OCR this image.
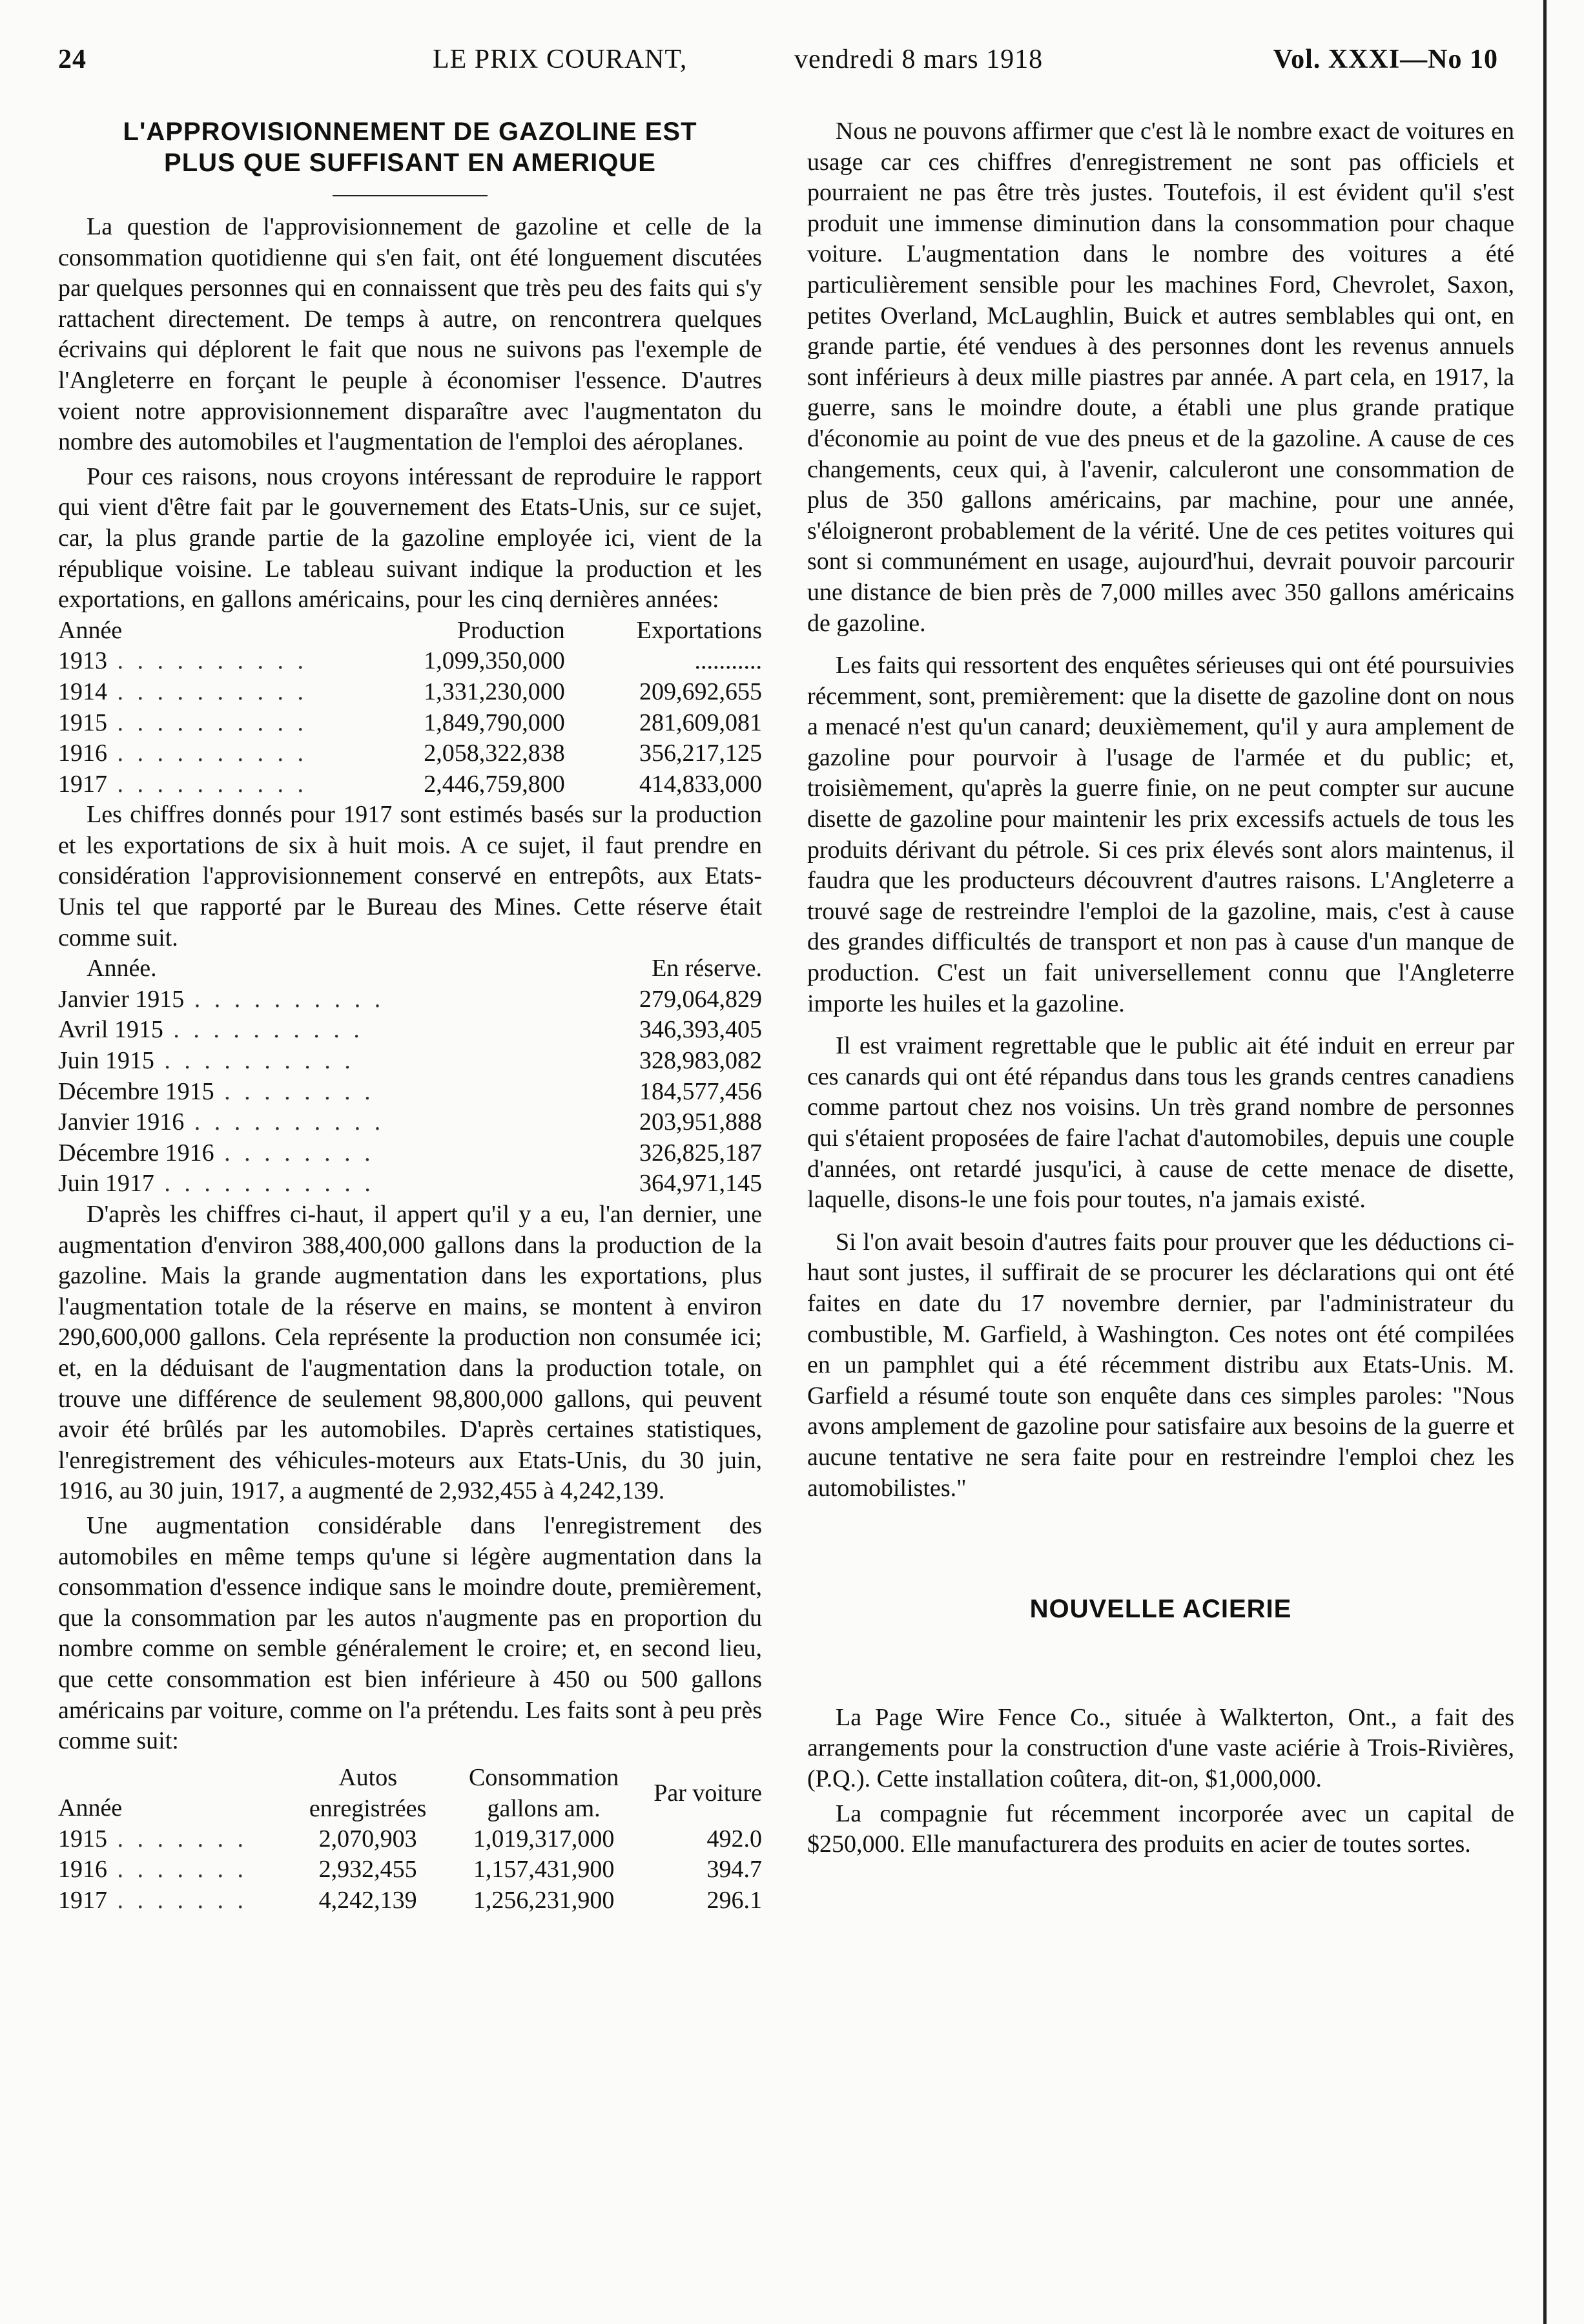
24	LE PRIX COURANT,	vendredi 8 mars 1918	Vol. XXXI—No 10
L'APPROVISIONNEMENT DE GAZOLINE EST
PLUS QUE SUFFISANT EN AMERIQUE

La question de l'approvisionnement de gazoline et celle de la consommation quotidienne qui s'en fait, ont été longuement discutées par quelques personnes qui en connaissent que très peu des faits qui s'y rattachent directement. De temps à autre, on rencontrera quelques écrivains qui déplorent le fait que nous ne suivons pas l'exemple de l'Angleterre en forçant le peuple à économiser l'essence. D'autres voient notre approvisionnement disparaître avec l'augmentaton du nombre des automobiles et l'augmentation de l'emploi des aéroplanes.

Pour ces raisons, nous croyons intéressant de reproduire le rapport qui vient d'être fait par le gouvernement des Etats-Unis, sur ce sujet, car, la plus grande partie de la gazoline employée ici, vient de la république voisine. Le tableau suivant indique la production et les exportations, en gallons américains, pour les cinq dernières années:

Année	Production	Exportations
1913 . . . . . . . . . .	1,099,350,000	...........
1914 . . . . . . . . . .	1,331,230,000	209,692,655
1915 . . . . . . . . . .	1,849,790,000	281,609,081
1916 . . . . . . . . . .	2,058,322,838	356,217,125
1917 . . . . . . . . . .	2,446,759,800	414,833,000

Les chiffres donnés pour 1917 sont estimés basés sur la production et les exportations de six à huit mois. A ce sujet, il faut prendre en considération l'approvisionnement conservé en entrepôts, aux Etats-Unis tel que rapporté par le Bureau des Mines. Cette réserve était comme suit.

Année.	En réserve.
Janvier 1915 . . . . . . . . . .	279,064,829
Avril 1915 . . . . . . . . . .	346,393,405
Juin 1915 . . . . . . . . . .	328,983,082
Décembre 1915 . . . . . . . .	184,577,456
Janvier 1916 . . . . . . . . . .	203,951,888
Décembre 1916 . . . . . . . .	326,825,187
Juin 1917 . . . . . . . . . . .	364,971,145

D'après les chiffres ci-haut, il appert qu'il y a eu, l'an dernier, une augmentation d'environ 388,400,000 gallons dans la production de la gazoline. Mais la grande augmentation dans les exportations, plus l'augmentation totale de la réserve en mains, se montent à environ 290,600,000 gallons. Cela représente la production non consumée ici; et, en la déduisant de l'augmentation dans la production totale, on trouve une différence de seulement 98,800,000 gallons, qui peuvent avoir été brûlés par les automobiles. D'après certaines statistiques, l'enregistrement des véhicules-moteurs aux Etats-Unis, du 30 juin, 1916, au 30 juin, 1917, a augmenté de 2,932,455 à 4,242,139.

Une augmentation considérable dans l'enregistrement des automobiles en même temps qu'une si légère augmentation dans la consommation d'essence indique sans le moindre doute, premièrement, que la consommation par les autos n'augmente pas en proportion du nombre comme on semble généralement le croire; et, en second lieu, que cette consommation est bien inférieure à 450 ou 500 gallons américains par voiture, comme on l'a prétendu. Les faits sont à peu près comme suit:

Année	Autos enregistrées	Consommation gallons am.	Par voiture
1915 . . . . . . .	2,070,903	1,019,317,000	492.0
1916 . . . . . . .	2,932,455	1,157,431,900	394.7
1917 . . . . . . .	4,242,139	1,256,231,900	296.1

Nous ne pouvons affirmer que c'est là le nombre exact de voitures en usage car ces chiffres d'enregistrement ne sont pas officiels et pourraient ne pas être très justes. Toutefois, il est évident qu'il s'est produit une immense diminution dans la consommation pour chaque voiture. L'augmentation dans le nombre des voitures a été particulièrement sensible pour les machines Ford, Chevrolet, Saxon, petites Overland, McLaughlin, Buick et autres semblables qui ont, en grande partie, été vendues à des personnes dont les revenus annuels sont inférieurs à deux mille piastres par année. A part cela, en 1917, la guerre, sans le moindre doute, a établi une plus grande pratique d'économie au point de vue des pneus et de la gazoline. A cause de ces changements, ceux qui, à l'avenir, calculeront une consommation de plus de 350 gallons américains, par machine, pour une année, s'éloigneront probablement de la vérité. Une de ces petites voitures qui sont si communément en usage, aujourd'hui, devrait pouvoir parcourir une distance de bien près de 7,000 milles avec 350 gallons américains de gazoline.

Les faits qui ressortent des enquêtes sérieuses qui ont été poursuivies récemment, sont, premièrement: que la disette de gazoline dont on nous a menacé n'est qu'un canard; deuxièmement, qu'il y aura amplement de gazoline pour pourvoir à l'usage de l'armée et du public; et, troisièmement, qu'après la guerre finie, on ne peut compter sur aucune disette de gazoline pour maintenir les prix excessifs actuels de tous les produits dérivant du pétrole. Si ces prix élevés sont alors maintenus, il faudra que les producteurs découvrent d'autres raisons. L'Angleterre a trouvé sage de restreindre l'emploi de la gazoline, mais, c'est à cause des grandes difficultés de transport et non pas à cause d'un manque de production. C'est un fait universellement connu que l'Angleterre importe les huiles et la gazoline.

Il est vraiment regrettable que le public ait été induit en erreur par ces canards qui ont été répandus dans tous les grands centres canadiens comme partout chez nos voisins. Un très grand nombre de personnes qui s'étaient proposées de faire l'achat d'automobiles, depuis une couple d'années, ont retardé jusqu'ici, à cause de cette menace de disette, laquelle, disons-le une fois pour toutes, n'a jamais existé.

Si l'on avait besoin d'autres faits pour prouver que les déductions ci-haut sont justes, il suffirait de se procurer les déclarations qui ont été faites en date du 17 novembre dernier, par l'administrateur du combustible, M. Garfield, à Washington. Ces notes ont été compilées en un pamphlet qui a été récemment distribu aux Etats-Unis. M. Garfield a résumé toute son enquête dans ces simples paroles: "Nous avons amplement de gazoline pour satisfaire aux besoins de la guerre et aucune tentative ne sera faite pour en restreindre l'emploi chez les automobilistes."

NOUVELLE ACIERIE

La Page Wire Fence Co., située à Walkterton, Ont., a fait des arrangements pour la construction d'une vaste aciérie à Trois-Rivières, (P.Q.). Cette installation coûtera, dit-on, $1,000,000.

La compagnie fut récemment incorporée avec un capital de $250,000. Elle manufacturera des produits en acier de toutes sortes.
